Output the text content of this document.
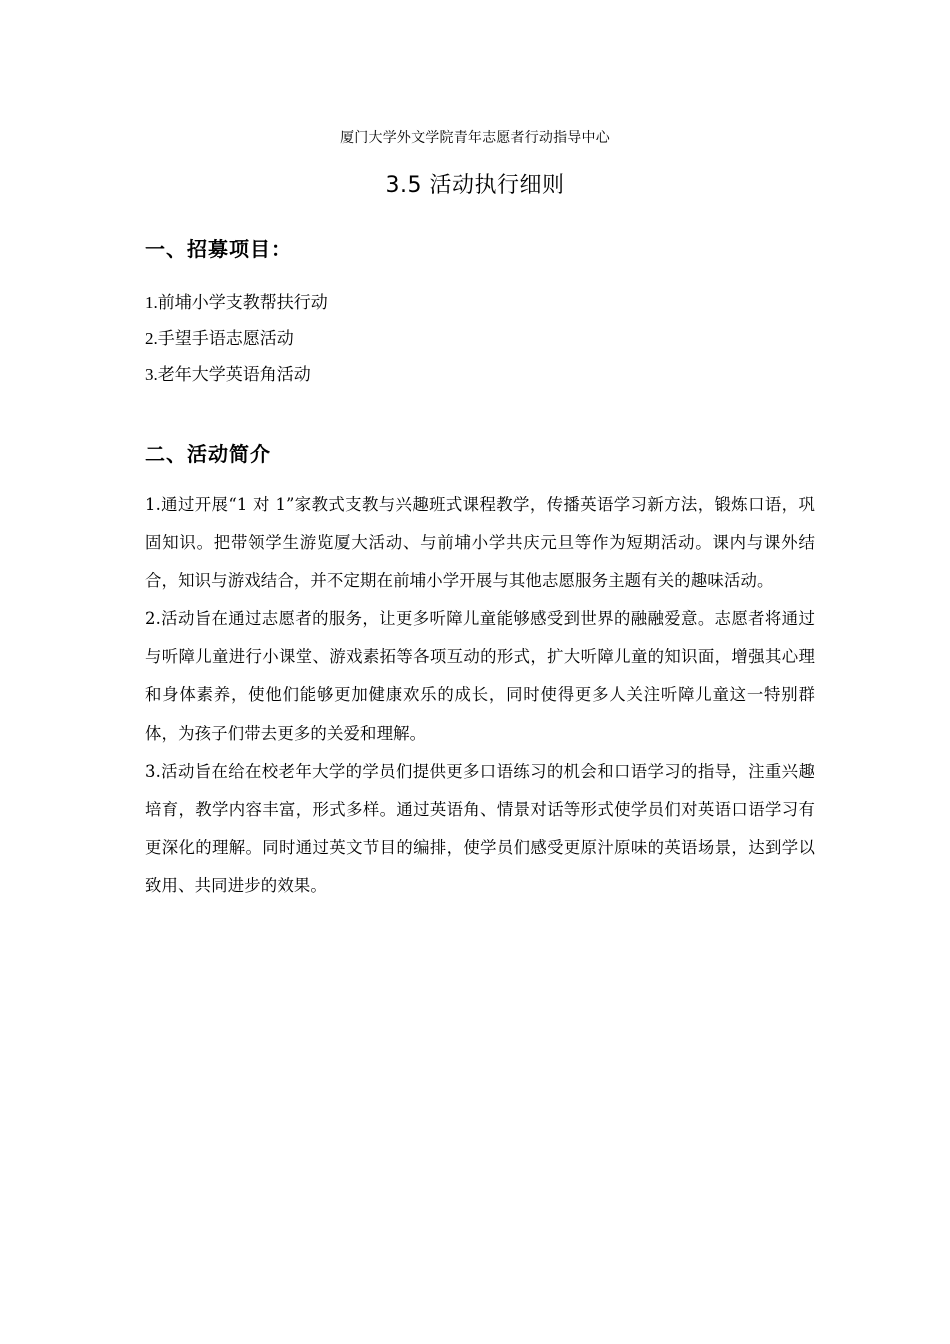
厦门大学外文学院青年志愿者行动指导中心
3.5 活动执行细则
一、招募项目：
1.前埔小学支教帮扶行动
2.手望手语志愿活动
3.老年大学英语角活动
二、活动简介

1.通过开展“1 对 1”家教式支教与兴趣班式课程教学，传播英语学习新方法，锻炼口语，巩固知识。把带领学生游览厦大活动、与前埔小学共庆元旦等作为短期活动。课内与课外结合，知识与游戏结合，并不定期在前埔小学开展与其他志愿服务主题有关的趣味活动。

2.活动旨在通过志愿者的服务，让更多听障儿童能够感受到世界的融融爱意。志愿者将通过与听障儿童进行小课堂、游戏素拓等各项互动的形式，扩大听障儿童的知识面，增强其心理和身体素养，使他们能够更加健康欢乐的成长，同时使得更多人关注听障儿童这一特别群体，为孩子们带去更多的关爱和理解。

3.活动旨在给在校老年大学的学员们提供更多口语练习的机会和口语学习的指导，注重兴趣培育，教学内容丰富，形式多样。通过英语角、情景对话等形式使学员们对英语口语学习有更深化的理解。同时通过英文节目的编排，使学员们感受更原汁原味的英语场景，达到学以致用、共同进步的效果。
